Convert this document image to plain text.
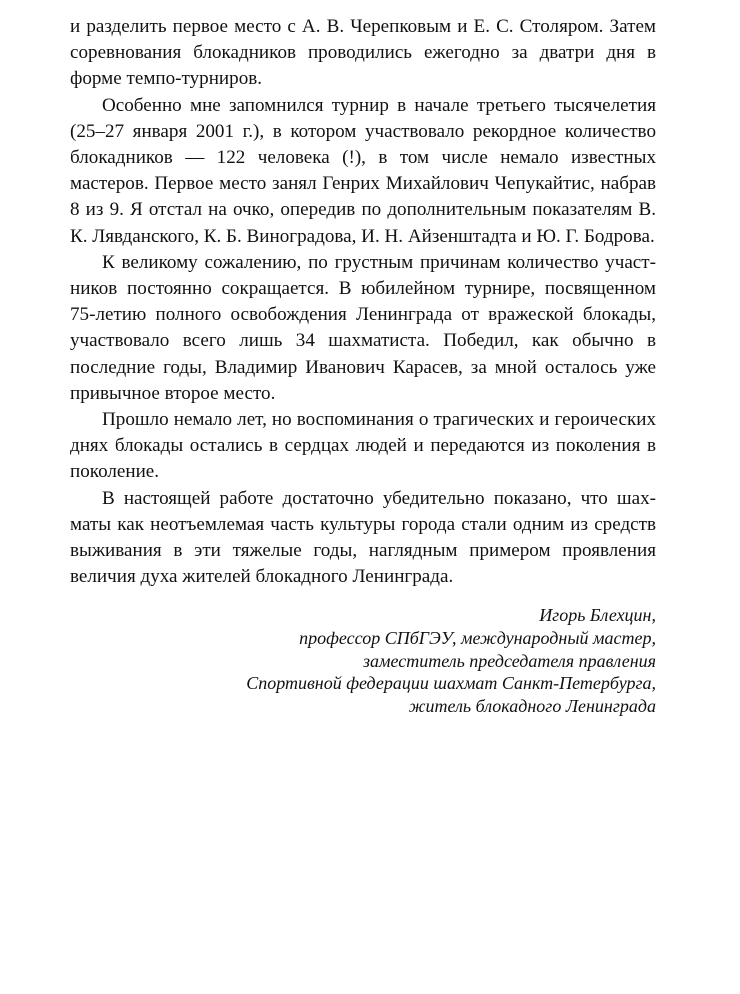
и разделить первое место с А. В. Черепковым и Е. С. Столяром. Затем соревнования блокадников проводились ежегодно за дватри дня в форме темпо-турниров.

Особенно мне запомнился турнир в начале третьего тысячелетия (25–27 января 2001 г.), в котором участвовало рекордное количество блокадников — 122 человека (!), в том числе немало известных мастеров. Первое место занял Генрих Михайлович Чепукайтис, набрав 8 из 9. Я отстал на очко, опередив по дополнительным показателям В. К. Лявданского, К. Б. Виноградова, И. Н. Айзенштадта и Ю. Г. Бодрова.

К великому сожалению, по грустным причинам количество участников постоянно сокращается. В юбилейном турнире, посвященном 75-летию полного освобождения Ленинграда от вражеской блокады, участвовало всего лишь 34 шахматиста. Победил, как обычно в последние годы, Владимир Иванович Карасев, за мной осталось уже привычное второе место.

Прошло немало лет, но воспоминания о трагических и героических днях блокады остались в сердцах людей и передаются из поколения в поколение.

В настоящей работе достаточно убедительно показано, что шахматы как неотъемлемая часть культуры города стали одним из средств выживания в эти тяжелые годы, наглядным примером проявления величия духа жителей блокадного Ленинграда.

Игорь Блехцин,
профессор СПбГЭУ, международный мастер,
заместитель председателя правления
Спортивной федерации шахмат Санкт-Петербурга,
житель блокадного Ленинграда
